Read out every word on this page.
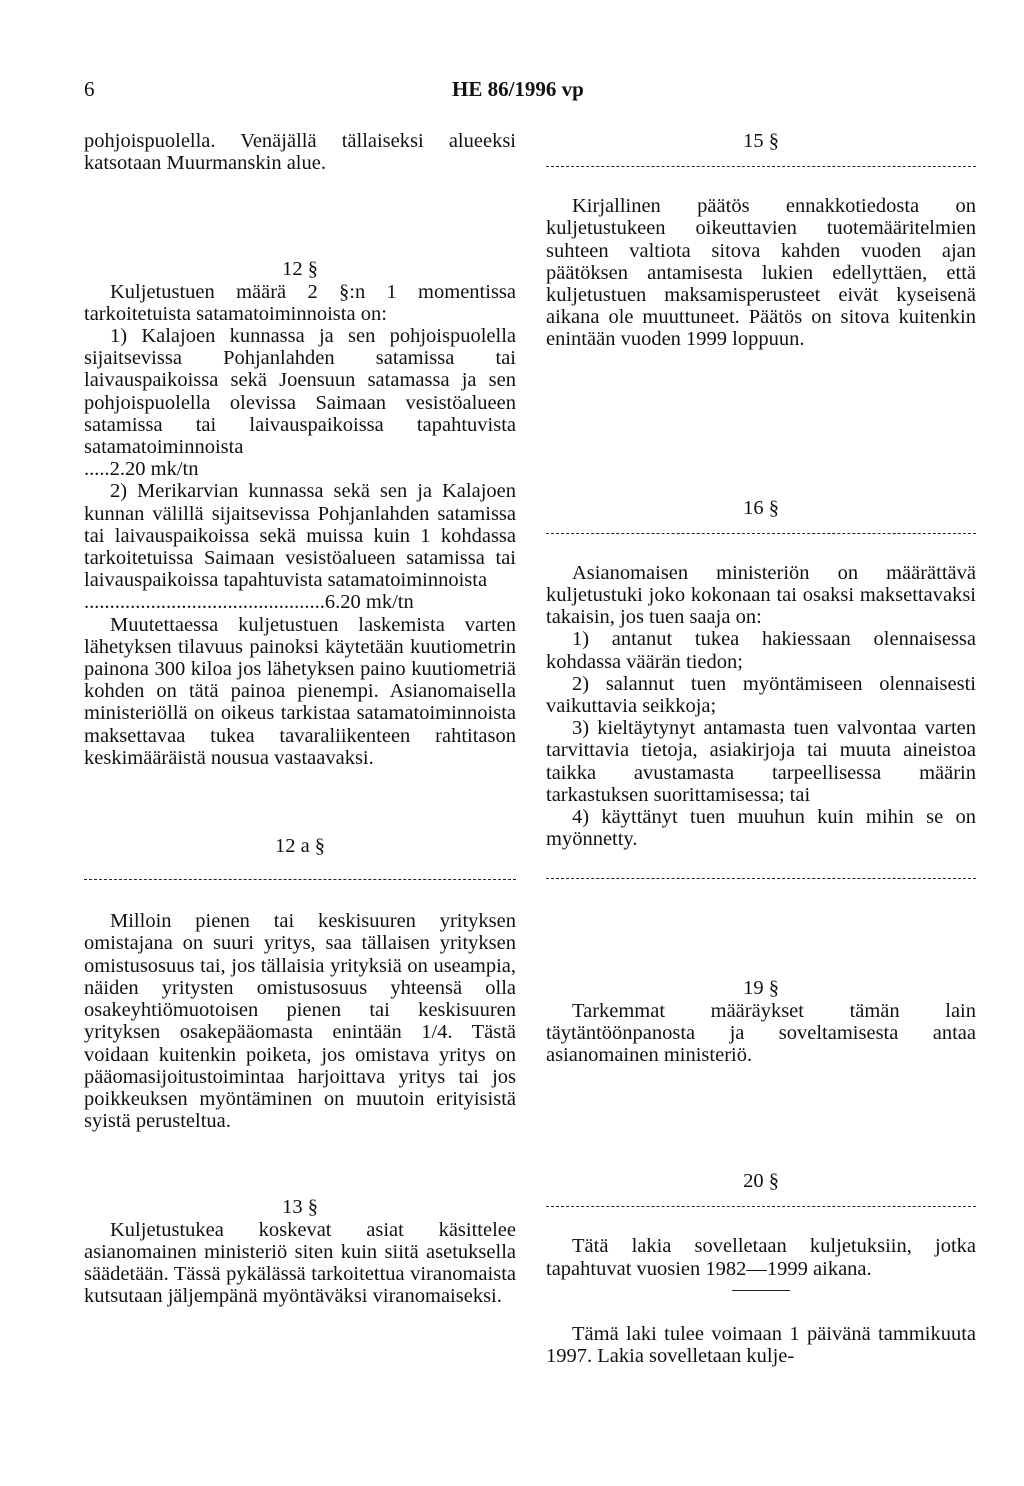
6	HE 86/1996 vp

pohjoispuolella. Venäjällä tällaiseksi alueeksi katsotaan Muurmanskin alue.

12 §

Kuljetustuen määrä 2 §:n 1 momentissa tarkoitetuista satamatoiminnoista on:

1) Kalajoen kunnassa ja sen pohjoispuolella sijaitsevissa Pohjanlahden satamissa tai laivauspaikoissa sekä Joensuun satamassa ja sen pohjoispuolella olevissa Saimaan vesistöalueen satamissa tai laivauspaikoissa tapahtuvista satamatoiminnoista

.....2.20 mk/tn

2) Merikarvian kunnassa sekä sen ja Kalajoen kunnan välillä sijaitsevissa Pohjanlahden satamissa tai laivauspaikoissa sekä muissa kuin 1 kohdassa tarkoitetuissa Saimaan vesistöalueen satamissa tai laivauspaikoissa tapahtuvista satamatoiminnoista

...............................................6.20 mk/tn

Muutettaessa kuljetustuen laskemista varten lähetyksen tilavuus painoksi käytetään kuutiometrin painona 300 kiloa jos lähetyksen paino kuutiometriä kohden on tätä painoa pienempi. Asianomaisella ministeriöllä on oikeus tarkistaa satamatoiminnoista maksettavaa tukea tavaraliikenteen rahtitason keskimääräistä nousua vastaavaksi.

12 a §

Milloin pienen tai keskisuuren yrityksen omistajana on suuri yritys, saa tällaisen yrityksen omistusosuus tai, jos tällaisia yrityksiä on useampia, näiden yritysten omistusosuus yhteensä olla osakeyhtiömuotoisen pienen tai keskisuuren yrityksen osakepääomasta enintään 1/4. Tästä voidaan kuitenkin poiketa, jos omistava yritys on pääomasijoitustoimintaa harjoittava yritys tai jos poikkeuksen myöntäminen on muutoin erityisistä syistä perusteltua.

13 §

Kuljetustukea koskevat asiat käsittelee asianomainen ministeriö siten kuin siitä asetuksella säädetään. Tässä pykälässä tarkoitettua viranomaista kutsutaan jäljempänä myöntäväksi viranomaiseksi.

15 §

Kirjallinen päätös ennakkotiedosta on kuljetustukeen oikeuttavien tuotemääritelmien suhteen valtiota sitova kahden vuoden ajan päätöksen antamisesta lukien edellyttäen, että kuljetustuen maksamisperusteet eivät kyseisenä aikana ole muuttuneet. Päätös on sitova kuitenkin enintään vuoden 1999 loppuun.

16 §

Asianomaisen ministeriön on määrättävä kuljetustuki joko kokonaan tai osaksi maksettavaksi takaisin, jos tuen saaja on:

1) antanut tukea hakiessaan olennaisessa kohdassa väärän tiedon;

2) salannut tuen myöntämiseen olennaisesti vaikuttavia seikkoja;

3) kieltäytynyt antamasta tuen valvontaa varten tarvittavia tietoja, asiakirjoja tai muuta aineistoa taikka avustamasta tarpeellisessa määrin tarkastuksen suorittamisessa; tai

4) käyttänyt tuen muuhun kuin mihin se on myönnetty.

19 §

Tarkemmat määräykset tämän lain täytäntöönpanosta ja soveltamisesta antaa asianomainen ministeriö.

20 §

Tätä lakia sovelletaan kuljetuksiin, jotka tapahtuvat vuosien 1982—1999 aikana.

Tämä laki tulee voimaan 1 päivänä tammikuuta 1997. Lakia sovelletaan kulje-
